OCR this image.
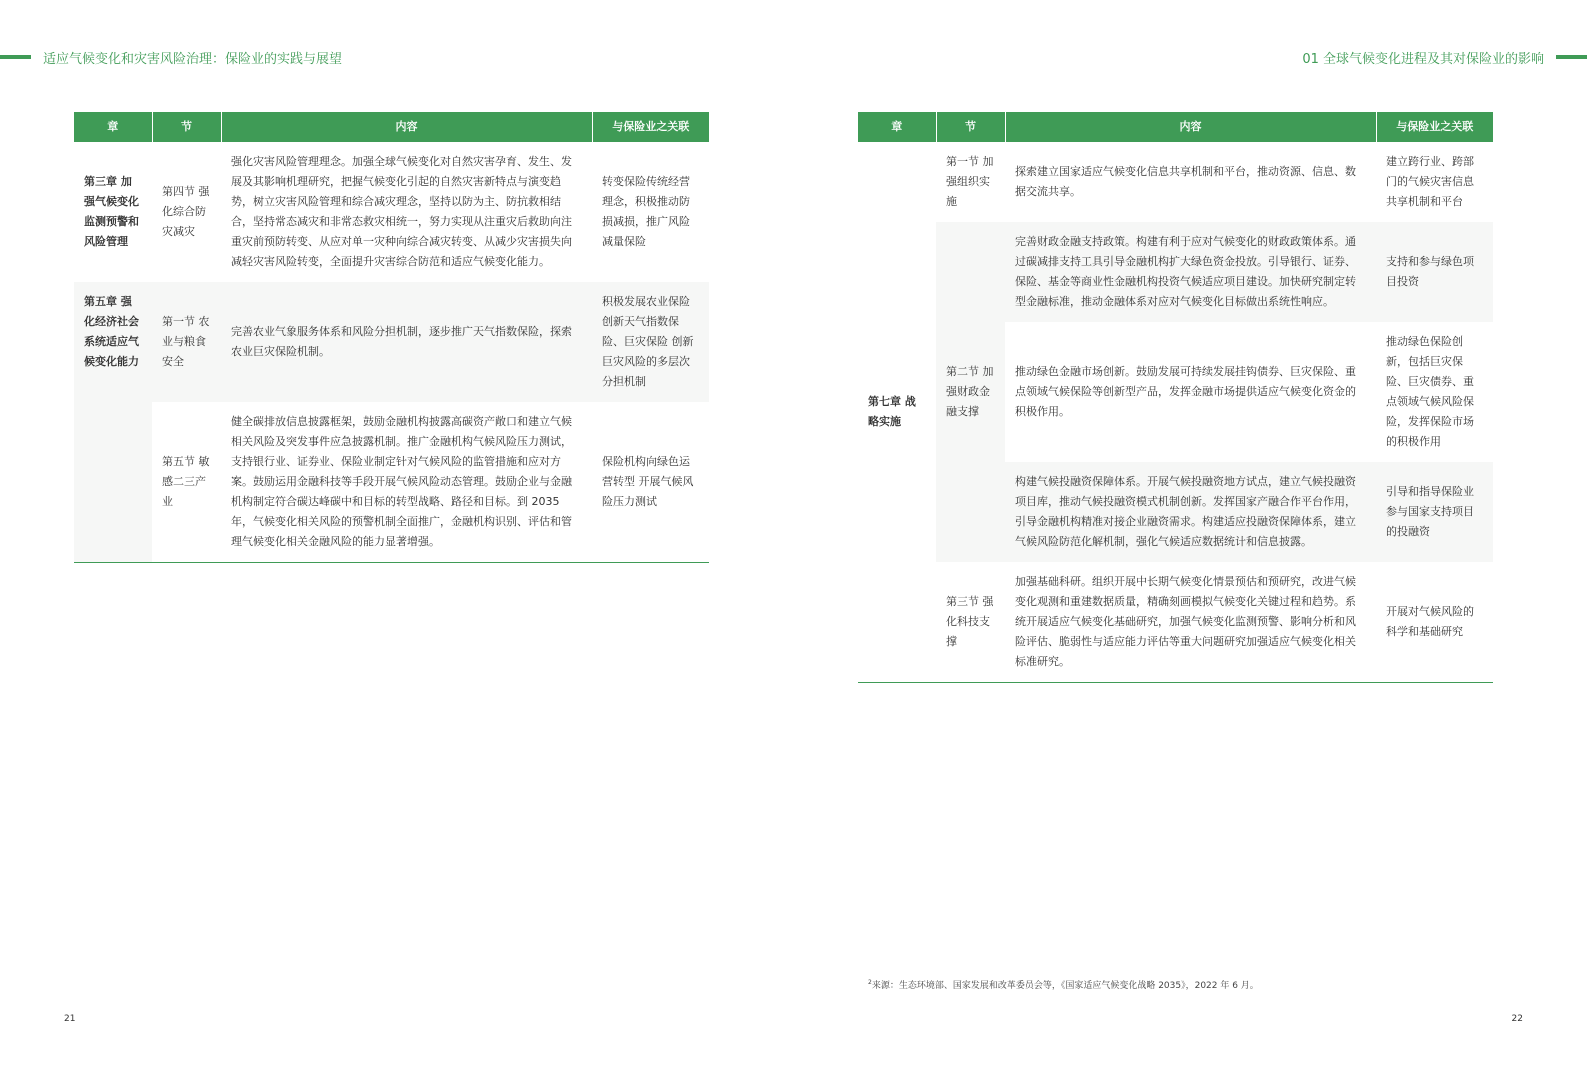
适应气候变化和灾害风险治理：保险业的实践与展望	01 全球气候变化进程及其对保险业的影响
章	节	内容	与保险业之关联
第三章 加强气候变化监测预警和风险管理	第四节 强化综合防灾减灾	强化灾害风险管理理念。加强全球气候变化对自然灾害孕育、发生、发展及其影响机理研究，把握气候变化引起的自然灾害新特点与演变趋势，树立灾害风险管理和综合减灾理念，坚持以防为主、防抗救相结合，坚持常态减灾和非常态救灾相统一，努力实现从注重灾后救助向注重灾前预防转变、从应对单一灾种向综合减灾转变、从减少灾害损失向减轻灾害风险转变，全面提升灾害综合防范和适应气候变化能力。	转变保险传统经营理念，积极推动防损减损，推广风险减量保险
第五章 强化经济社会系统适应气候变化能力	第一节 农业与粮食安全	完善农业气象服务体系和风险分担机制，逐步推广天气指数保险，探索农业巨灾保险机制。	积极发展农业保险创新天气指数保险、巨灾保险 创新巨灾风险的多层次分担机制
	第五节 敏感二三产业	健全碳排放信息披露框架，鼓励金融机构披露高碳资产敞口和建立气候相关风险及突发事件应急披露机制。推广金融机构气候风险压力测试，支持银行业、证券业、保险业制定针对气候风险的监管措施和应对方案。鼓励运用金融科技等手段开展气候风险动态管理。鼓励企业与金融机构制定符合碳达峰碳中和目标的转型战略、路径和目标。到 2035 年，气候变化相关风险的预警机制全面推广，金融机构识别、评估和管理气候变化相关金融风险的能力显著增强。	保险机构向绿色运营转型 开展气候风险压力测试
章	节	内容	与保险业之关联
第七章 战略实施	第一节 加强组织实施	探索建立国家适应气候变化信息共享机制和平台，推动资源、信息、数据交流共享。	建立跨行业、跨部门的气候灾害信息共享机制和平台
	第二节 加强财政金融支撑	完善财政金融支持政策。构建有利于应对气候变化的财政政策体系。通过碳减排支持工具引导金融机构扩大绿色资金投放。引导银行、证券、保险、基金等商业性金融机构投资气候适应项目建设。加快研究制定转型金融标准，推动金融体系对应对气候变化目标做出系统性响应。	支持和参与绿色项目投资
		推动绿色金融市场创新。鼓励发展可持续发展挂钩债券、巨灾保险、重点领域气候保险等创新型产品，发挥金融市场提供适应气候变化资金的积极作用。	推动绿色保险创新，包括巨灾保险、巨灾债券、重点领域气候风险保险，发挥保险市场的积极作用
		构建气候投融资保障体系。开展气候投融资地方试点，建立气候投融资项目库，推动气候投融资模式机制创新。发挥国家产融合作平台作用，引导金融机构精准对接企业融资需求。构建适应投融资保障体系，建立气候风险防范化解机制，强化气候适应数据统计和信息披露。	引导和指导保险业参与国家支持项目的投融资
	第三节 强化科技支撑	加强基础科研。组织开展中长期气候变化情景预估和预研究，改进气候变化观测和重建数据质量，精确刻画模拟气候变化关键过程和趋势。系统开展适应气候变化基础研究，加强气候变化监测预警、影响分析和风险评估、脆弱性与适应能力评估等重大问题研究加强适应气候变化相关标准研究。	开展对气候风险的科学和基础研究
$^2$来源：生态环境部、国家发展和改革委员会等，《国家适应气候变化战略 2035》，2022 年 6 月。
21	22
